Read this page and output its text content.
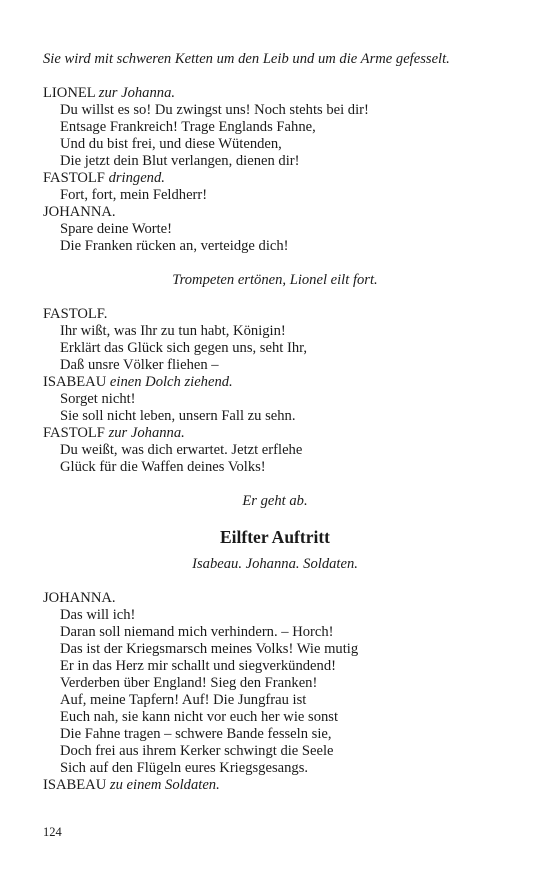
Sie wird mit schweren Ketten um den Leib und um die Arme gefesselt.
LIONEL zur Johanna.
Du willst es so! Du zwingst uns! Noch stehts bei dir!
Entsage Frankreich! Trage Englands Fahne,
Und du bist frei, und diese Wütenden,
Die jetzt dein Blut verlangen, dienen dir!
FASTOLF dringend.
Fort, fort, mein Feldherr!
JOHANNA.
Spare deine Worte!
Die Franken rücken an, verteidge dich!
Trompeten ertönen, Lionel eilt fort.
FASTOLF.
Ihr wißt, was Ihr zu tun habt, Königin!
Erklärt das Glück sich gegen uns, seht Ihr,
Daß unsre Völker fliehen –
ISABEAU einen Dolch ziehend.
Sorget nicht!
Sie soll nicht leben, unsern Fall zu sehn.
FASTOLF zur Johanna.
Du weißt, was dich erwartet. Jetzt erflehe
Glück für die Waffen deines Volks!
Er geht ab.
Eilfter Auftritt
Isabeau. Johanna. Soldaten.
JOHANNA.
Das will ich!
Daran soll niemand mich verhindern. – Horch!
Das ist der Kriegsmarsch meines Volks! Wie mutig
Er in das Herz mir schallt und siegverkündend!
Verderben über England! Sieg den Franken!
Auf, meine Tapfern! Auf! Die Jungfrau ist
Euch nah, sie kann nicht vor euch her wie sonst
Die Fahne tragen – schwere Bande fesseln sie,
Doch frei aus ihrem Kerker schwingt die Seele
Sich auf den Flügeln eures Kriegsgesangs.
ISABEAU zu einem Soldaten.
124
